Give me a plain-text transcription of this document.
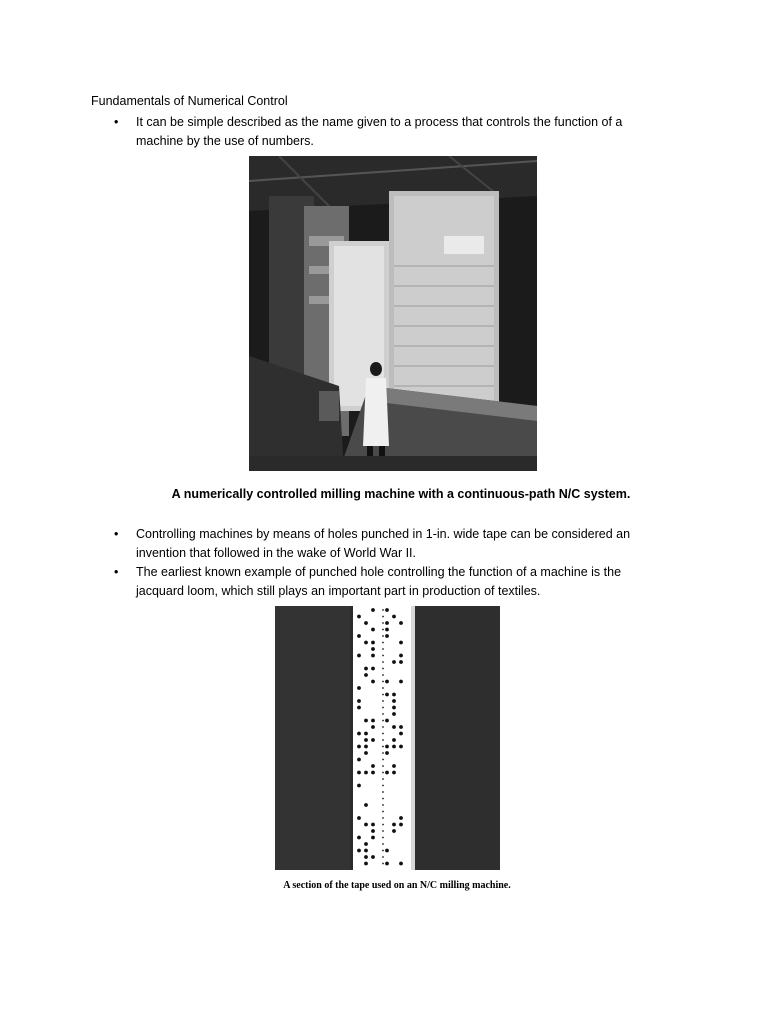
Fundamentals of Numerical Control
• It can be simple described as the name given to a process that controls the function of a machine by the use of numbers.
A numerically controlled milling machine with a continuous-path N/C system.
• Controlling machines by means of holes punched in 1-in. wide tape can be considered an invention that followed in the wake of World War II.
• The earliest known example of punched hole controlling the function of a machine is the jacquard loom, which still plays an important part in production of textiles.
A section of the tape used on an N/C milling machine.
